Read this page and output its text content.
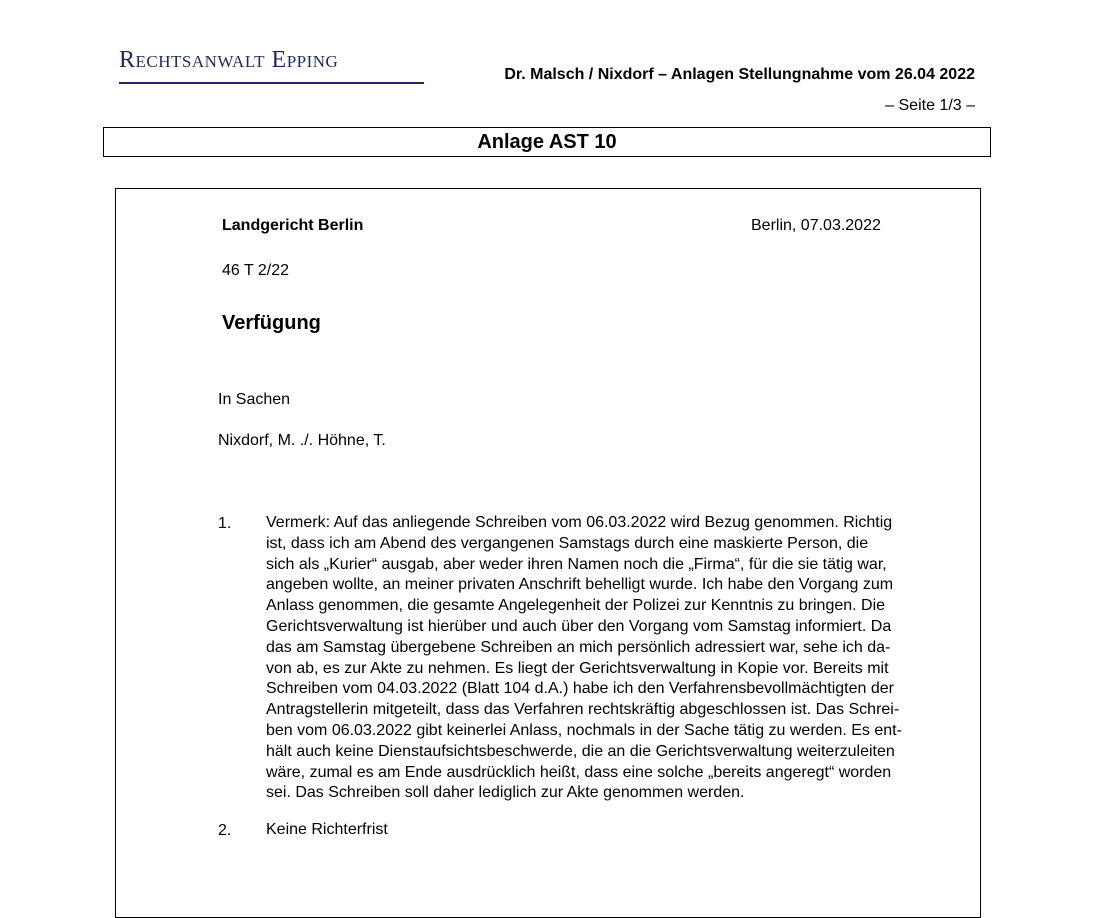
Rechtsanwalt Epping
Dr. Malsch / Nixdorf – Anlagen Stellungnahme vom 26.04 2022
– Seite 1/3 –
Anlage AST 10
Landgericht Berlin	Berlin, 07.03.2022
46 T 2/22
Verfügung
In Sachen
Nixdorf, M. ./. Höhne, T.
1. Vermerk: Auf das anliegende Schreiben vom 06.03.2022 wird Bezug genommen. Richtig
ist, dass ich am Abend des vergangenen Samstags durch eine maskierte Person, die
sich als „Kurier“ ausgab, aber weder ihren Namen noch die „Firma“, für die sie tätig war,
angeben wollte, an meiner privaten Anschrift behelligt wurde. Ich habe den Vorgang zum
Anlass genommen, die gesamte Angelegenheit der Polizei zur Kenntnis zu bringen. Die
Gerichtsverwaltung ist hierüber und auch über den Vorgang vom Samstag informiert. Da
das am Samstag übergebene Schreiben an mich persönlich adressiert war, sehe ich da-
von ab, es zur Akte zu nehmen. Es liegt der Gerichtsverwaltung in Kopie vor. Bereits mit
Schreiben vom 04.03.2022 (Blatt 104 d.A.) habe ich den Verfahrensbevollmächtigten der
Antragstellerin mitgeteilt, dass das Verfahren rechtskräftig abgeschlossen ist. Das Schrei-
ben vom 06.03.2022 gibt keinerlei Anlass, nochmals in der Sache tätig zu werden. Es ent-
hält auch keine Dienstaufsichtsbeschwerde, die an die Gerichtsverwaltung weiterzuleiten
wäre, zumal es am Ende ausdrücklich heißt, dass eine solche „bereits angeregt“ worden
sei. Das Schreiben soll daher lediglich zur Akte genommen werden.
2. Keine Richterfrist
